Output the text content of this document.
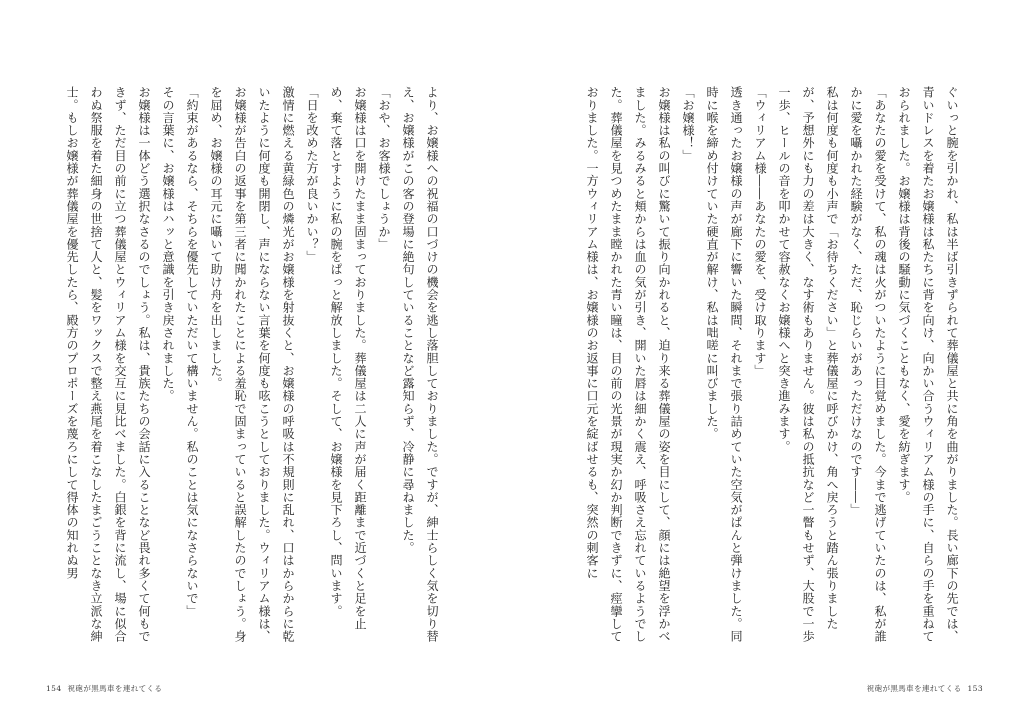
より、お嬢様への祝福の口づけの機会を逃し落胆しておりました。ですが、紳士らしく気を切り替え、お嬢様がこの客の登場に絶句していることなど露知らず、冷静に尋ねました。

「おや、お客様でしょうか」

お嬢様は口を開けたまま固まっておりました。葬儀屋は二人に声が届く距離まで近づくと足を止め、棄て落とすように私の腕をぱっと解放しました。そして、お嬢様を見下ろし、問います。

「日を改めた方が良いかい？」

激情に燃える黄緑色の燐光がお嬢様を射抜くと、お嬢様の呼吸は不規則に乱れ、口はからからに乾いたように何度も開閉し、声にならない言葉を何度も呟こうとしておりました。ウィリアム様は、お嬢様が告白の返事を第三者に聞かれたことによる羞恥で固まっていると誤解したのでしょう。身を屈め、お嬢様の耳元に囁いて助け舟を出しました。

「約束があるなら、そちらを優先していただいて構いません。私のことは気になさらないで」

その言葉に、お嬢様はハッと意識を引き戻されました。

お嬢様は一体どう選択なさるのでしょう。私は、貴族たちの会話に入ることなど畏れ多くて何もできず、ただ目の前に立つ葬儀屋とウィリアム様を交互に見比べました。白銀を背に流し、場に似合わぬ祭服を着た細身の世捨て人と、髪をワックスで整え燕尾を着こなしたまごうことなき立派な紳士。もしお嬢様が葬儀屋を優先したら、殿方のプロポーズを蔑ろにして得体の知れぬ男

154 祝砲が黒馬車を連れてくる

ぐいっと腕を引かれ、私は半ば引きずられて葬儀屋と共に角を曲がりました。長い廊下の先では、青いドレスを着たお嬢様は私たちに背を向け、向かい合うウィリアム様の手に、自らの手を重ねておられました。お嬢様は背後の騒動に気づくこともなく、愛を紡ぎます。

「あなたの愛を受けて、私の魂は火がついたように目覚めました。今まで逃げていたのは、私が誰かに愛を囁かれた経験がなく、ただ、恥じらいがあっただけなのです――」

私は何度も何度も小声で「お待ちください」と葬儀屋に呼びかけ、角へ戻ろうと踏ん張りましたが、予想外にも力の差は大きく、なす術もありません。彼は私の抵抗など一瞥もせず、大股で一歩一歩、ヒールの音を叩かせて容赦なくお嬢様へと突き進みます。

「ウィリアム様――あなたの愛を、受け取ります」

透き通ったお嬢様の声が廊下に響いた瞬間、それまで張り詰めていた空気がぱんと弾けました。同時に喉を締め付けていた硬直が解け、私は咄嗟に叫びました。

「お嬢様！」

お嬢様は私の叫びに驚いて振り向かれると、迫り来る葬儀屋の姿を目にして、顔には絶望を浮かべました。みるみると頬からは血の気が引き、開いた唇は細かく震え、呼吸さえ忘れているようでした。葬儀屋を見つめたまま瞠かれた青い瞳は、目の前の光景が現実か幻か判断できずに、痙攣しておりました。一方ウィリアム様は、お嬢様のお返事に口元を綻ばせるも、突然の刺客に

祝砲が黒馬車を連れてくる 153
